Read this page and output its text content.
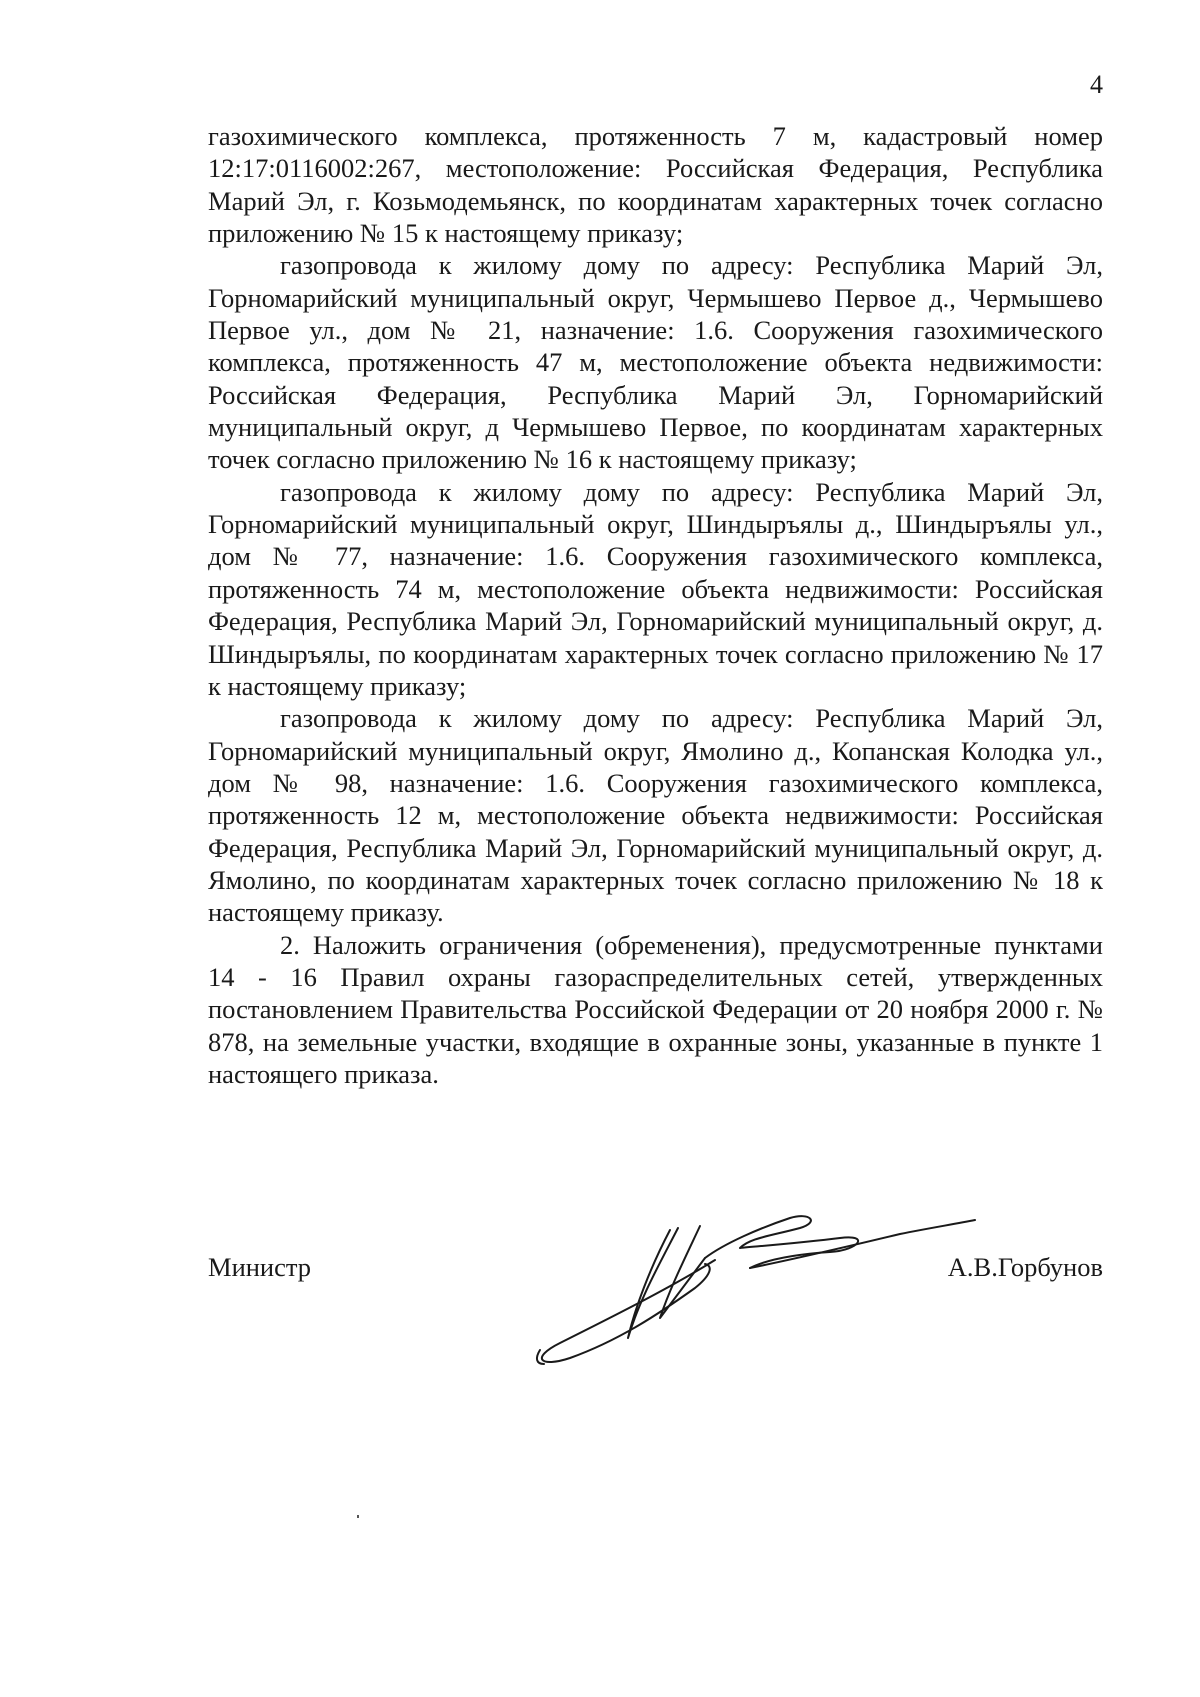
4

газохимического комплекса, протяженность 7 м, кадастровый номер 12:17:0116002:267, местоположение: Российская Федерация, Республика Марий Эл, г. Козьмодемьянск, по координатам характерных точек согласно приложению № 15 к настоящему приказу;

газопровода к жилому дому по адресу: Республика Марий Эл, Горномарийский муниципальный округ, Чермышево Первое д., Чермышево Первое ул., дом № 21, назначение: 1.6. Сооружения газохимического комплекса, протяженность 47 м, местоположение объекта недвижимости: Российская Федерация, Республика Марий Эл, Горномарийский муниципальный округ, д Чермышево Первое, по координатам характерных точек согласно приложению № 16 к настоящему приказу;

газопровода к жилому дому по адресу: Республика Марий Эл, Горномарийский муниципальный округ, Шиндыръялы д., Шиндыръялы ул., дом № 77, назначение: 1.6. Сооружения газохимического комплекса, протяженность 74 м, местоположение объекта недвижимости: Российская Федерация, Республика Марий Эл, Горномарийский муниципальный округ, д. Шиндыръялы, по координатам характерных точек согласно приложению № 17 к настоящему приказу;

газопровода к жилому дому по адресу: Республика Марий Эл, Горномарийский муниципальный округ, Ямолино д., Копанская Колодка ул., дом № 98, назначение: 1.6. Сооружения газохимического комплекса, протяженность 12 м, местоположение объекта недвижимости: Российская Федерация, Республика Марий Эл, Горномарийский муниципальный округ, д. Ямолино, по координатам характерных точек согласно приложению № 18 к настоящему приказу.

2. Наложить ограничения (обременения), предусмотренные пунктами 14 - 16 Правил охраны газораспределительных сетей, утвержденных постановлением Правительства Российской Федерации от 20 ноября 2000 г. № 878, на земельные участки, входящие в охранные зоны, указанные в пункте 1 настоящего приказа.

Министр	А.В.Горбунов
